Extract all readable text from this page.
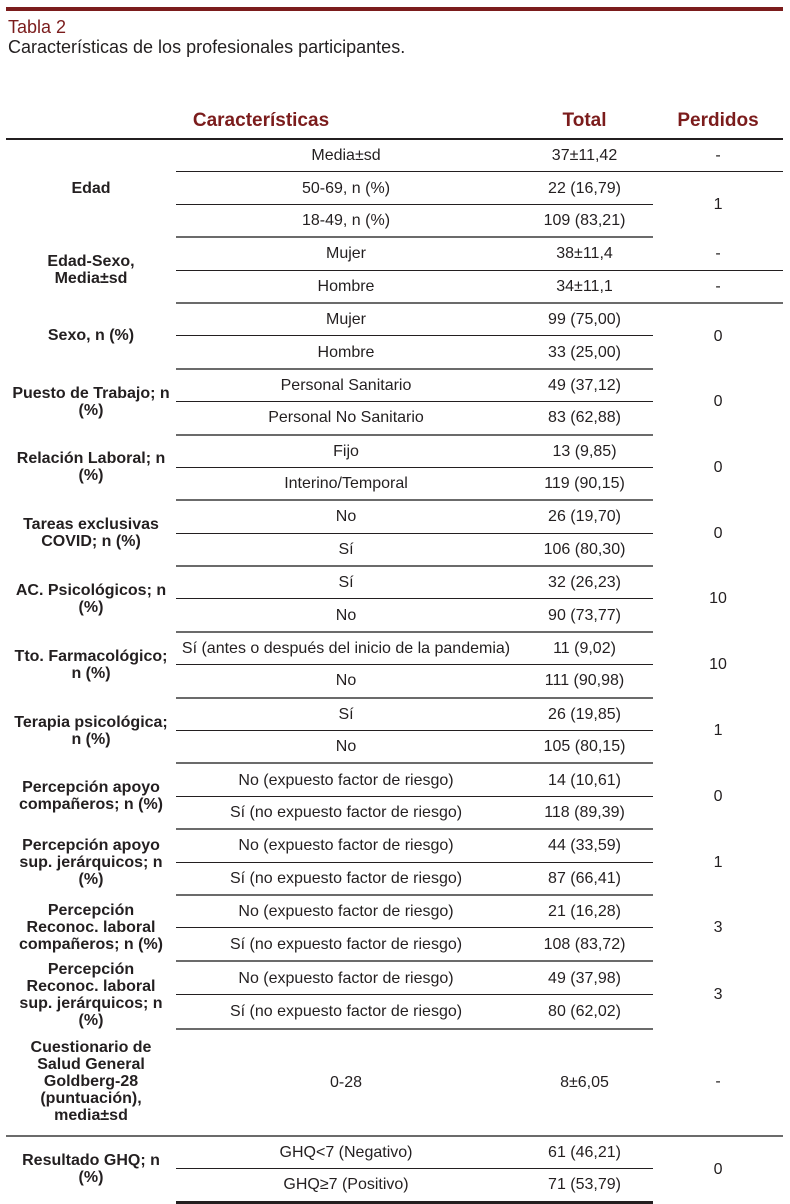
Tabla 2
Características de los profesionales participantes.
Características		Total	Perdidos
Edad	Media±sd	37±11,42	-
	50-69, n (%)	22 (16,79)	1
	18-49, n (%)	109 (83,21)	
Edad-Sexo, Media±sd	Mujer	38±11,4	-
	Hombre	34±11,1	-
Sexo, n (%)	Mujer	99 (75,00)	0
	Hombre	33 (25,00)	
Puesto de Trabajo; n (%)	Personal Sanitario	49 (37,12)	0
	Personal No Sanitario	83 (62,88)	
Relación Laboral; n (%)	Fijo	13 (9,85)	0
	Interino/Temporal	119 (90,15)	
Tareas exclusivas COVID; n (%)	No	26 (19,70)	0
	Sí	106 (80,30)	
AC. Psicológicos; n (%)	Sí	32 (26,23)	10
	No	90 (73,77)	
Tto. Farmacológico; n (%)	Sí (antes o después del inicio de la pandemia)	11 (9,02)	10
	No	111 (90,98)	
Terapia psicológica; n (%)	Sí	26 (19,85)	1
	No	105 (80,15)	
Percepción apoyo compañeros; n (%)	No (expuesto factor de riesgo)	14 (10,61)	0
	Sí (no expuesto factor de riesgo)	118 (89,39)	
Percepción apoyo sup. jerárquicos; n (%)	No (expuesto factor de riesgo)	44 (33,59)	1
	Sí (no expuesto factor de riesgo)	87 (66,41)	
Percepción Reconoc. laboral compañeros; n (%)	No (expuesto factor de riesgo)	21 (16,28)	3
	Sí (no expuesto factor de riesgo)	108 (83,72)	
Percepción Reconoc. laboral sup. jerárquicos; n (%)	No (expuesto factor de riesgo)	49 (37,98)	3
	Sí (no expuesto factor de riesgo)	80 (62,02)	
Cuestionario de Salud General Goldberg-28 (puntuación), media±sd	0-28	8±6,05	-
Resultado GHQ; n (%)	GHQ<7 (Negativo)	61 (46,21)	0
	GHQ≥7 (Positivo)	71 (53,79)	
